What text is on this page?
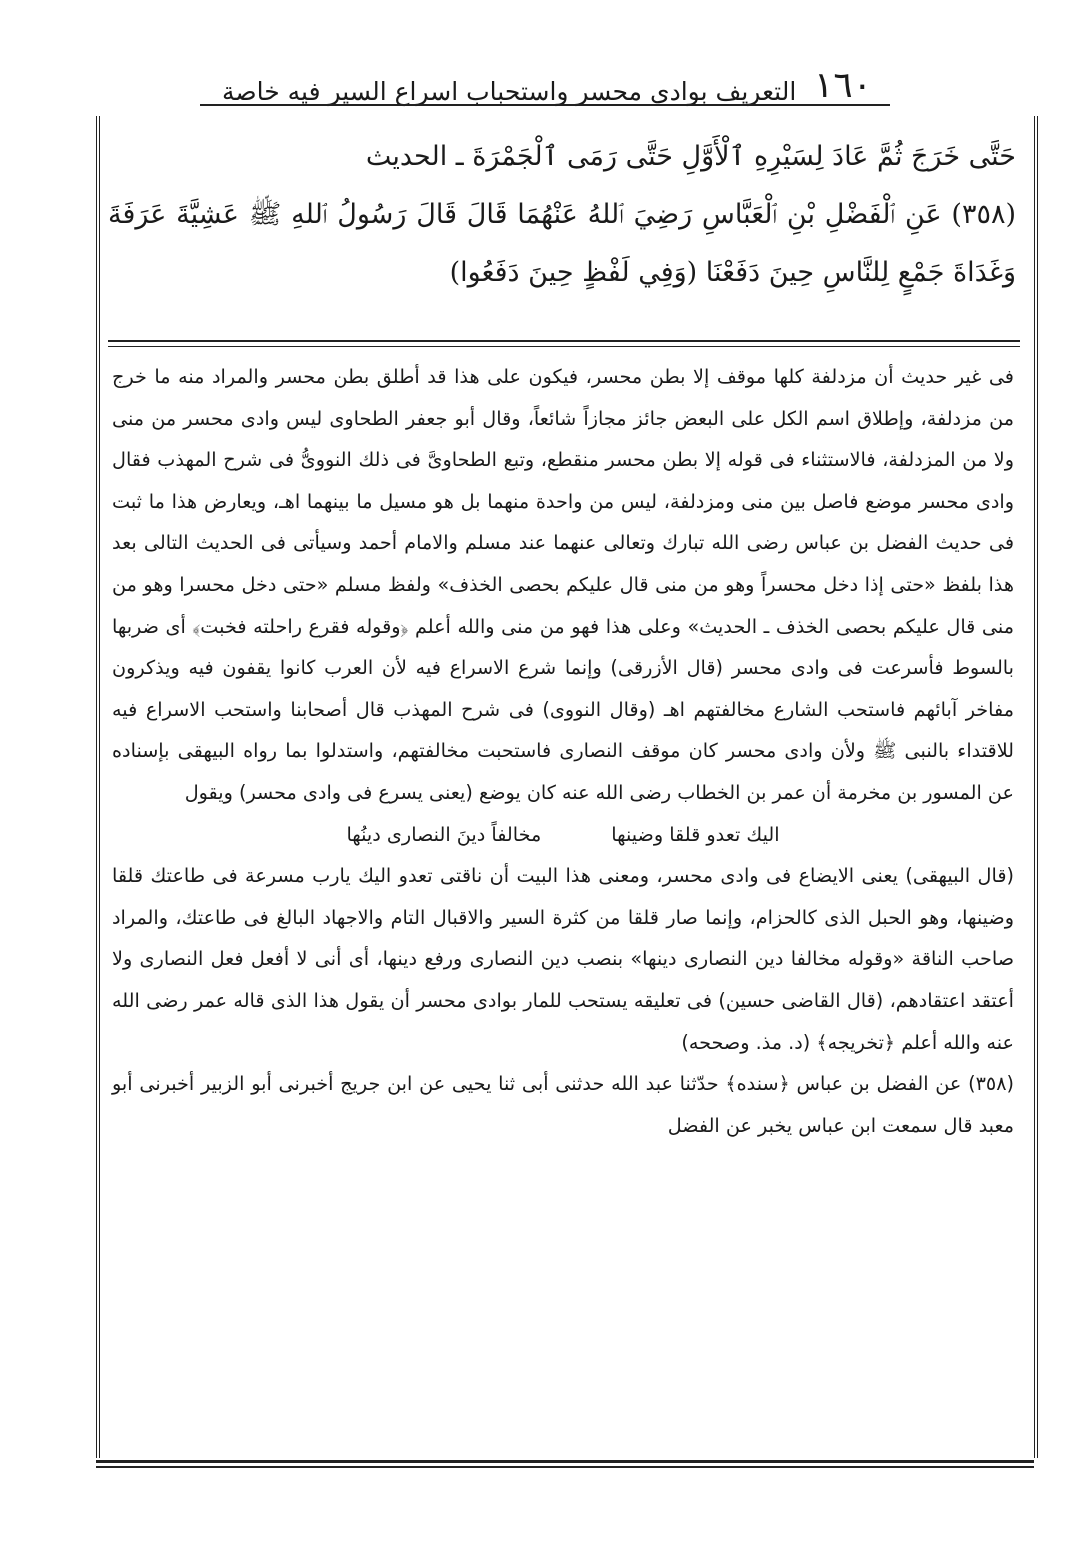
١٦٠
التعريف بوادى محسر واستحباب اسراع السير فيه خاصة

حَتَّى خَرَجَ ثُمَّ عَادَ لِسَيْرِهِ ٱلْأَوَّلِ حَتَّى رَمَى ٱلْجَمْرَةَ ـ الحديث

(٣٥٨) عَنِ ٱلْفَضْلِ بْنِ ٱلْعَبَّاسِ رَضِيَ ٱللهُ عَنْهُمَا قَالَ قَالَ رَسُولُ ٱللهِ ﷺ عَشِيَّةَ عَرَفَةَ وَغَدَاةَ جَمْعٍ لِلنَّاسِ حِينَ دَفَعْنَا (وَفِي لَفْظٍ حِينَ دَفَعُوا)

فى غير حديث أن مزدلفة كلها موقف إلا بطن محسر، فيكون على هذا قد أطلق بطن محسر والمراد منه ما خرج من مزدلفة، وإطلاق اسم الكل على البعض جائز مجازاً شائعاً، وقال أبو جعفر الطحاوى ليس وادى محسر من منى ولا من المزدلفة، فالاستثناء فى قوله إلا بطن محسر منقطع، وتبع الطحاوىَّ فى ذلك النووىُّ فى شرح المهذب فقال وادى محسر موضع فاصل بين منى ومزدلفة، ليس من واحدة منهما بل هو مسيل ما بينهما اهـ، ويعارض هذا ما ثبت فى حديث الفضل بن عباس رضى الله تبارك وتعالى عنهما عند مسلم والامام أحمد وسيأتى فى الحديث التالى بعد هذا بلفظ «حتى إذا دخل محسراً وهو من منى قال عليكم بحصى الخذف» ولفظ مسلم «حتى دخل محسرا وهو من منى قال عليكم بحصى الخذف ـ الحديث» وعلى هذا فهو من منى والله أعلم ﴿وقوله فقرع راحلته فخبت﴾ أى ضربها بالسوط فأسرعت فى وادى محسر (قال الأزرقى) وإنما شرع الاسراع فيه لأن العرب كانوا يقفون فيه ويذكرون مفاخر آبائهم فاستحب الشارع مخالفتهم اهـ (وقال النووى) فى شرح المهذب قال أصحابنا واستحب الاسراع فيه للاقتداء بالنبى ﷺ ولأن وادى محسر كان موقف النصارى فاستحبت مخالفتهم، واستدلوا بما رواه البيهقى بإسناده عن المسور بن مخرمة أن عمر بن الخطاب رضى الله عنه كان يوضع (يعنى يسرع فى وادى محسر) ويقول

اليك تعدو قلقا وضينها
مخالفاً دينَ النصارى دينُها

(قال البيهقى) يعنى الايضاع فى وادى محسر، ومعنى هذا البيت أن ناقتى تعدو اليك يارب مسرعة فى طاعتك قلقا وضينها، وهو الحبل الذى كالحزام، وإنما صار قلقا من كثرة السير والاقبال التام والاجهاد البالغ فى طاعتك، والمراد صاحب الناقة «وقوله مخالفا دين النصارى دينها» بنصب دين النصارى ورفع دينها، أى أنى لا أفعل فعل النصارى ولا أعتقد اعتقادهم، (قال القاضى حسين) فى تعليقه يستحب للمار بوادى محسر أن يقول هذا الذى قاله عمر رضى الله عنه والله أعلم ﴿تخريجه﴾ (د. مذ. وصححه)

(٣٥٨) عن الفضل بن عباس ﴿سنده﴾ حدّثنا عبد الله حدثنى أبى ثنا يحيى عن ابن جريج أخبرنى أبو الزبير أخبرنى أبو معبد قال سمعت ابن عباس يخبر عن الفضل
